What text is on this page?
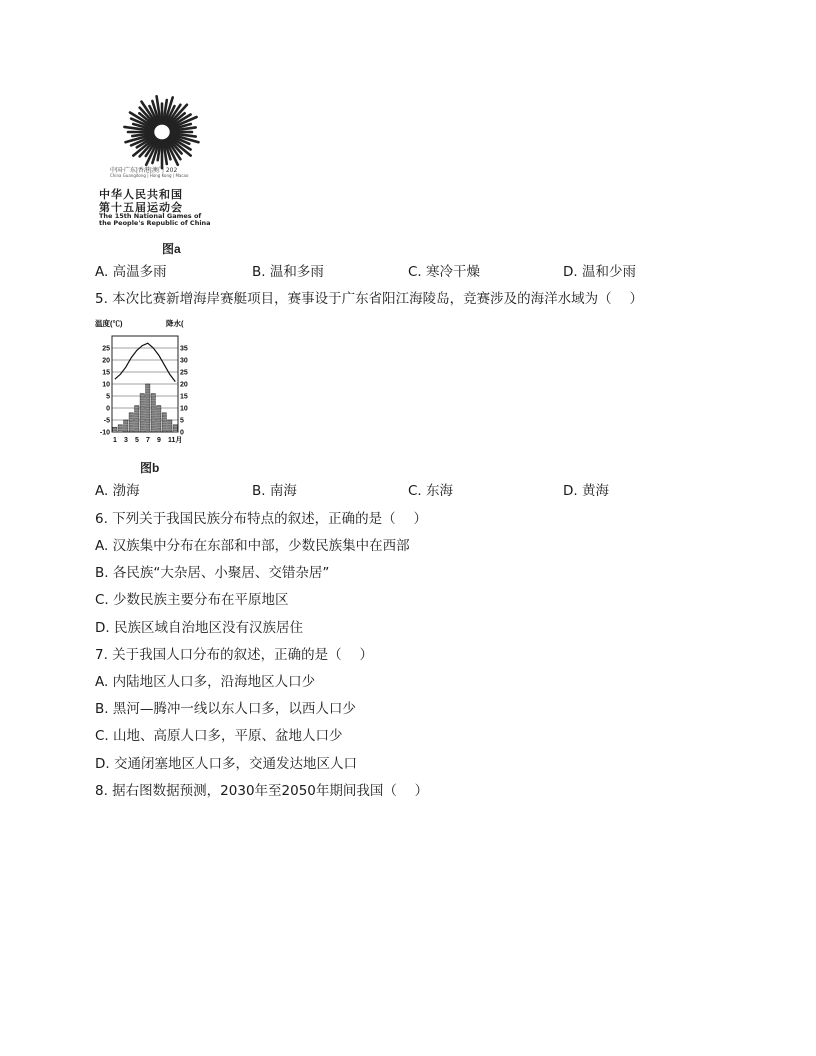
中国·广东|香港|澳门 202
China Guangdong | Hong Kong | Macao
中华人民共和国
第十五届运动会
The 15th National Games of
the People's Republic of China
图a
A. 高温多雨	B. 温和多雨	C. 寒冷干燥	D. 温和少雨
5. 本次比赛新增海岸赛艇项目，赛事设于广东省阳江海陵岛，竞赛涉及的海洋水域为（　 ）
温度(℃)	降水(
25
20
15
10
5
0
-5
-10
35
30
25
20
15
10
5
0
1 3 5 7 9 11月
图b
A. 渤海	B. 南海	C. 东海	D. 黄海
6. 下列关于我国民族分布特点的叙述，正确的是（　 ）
A. 汉族集中分布在东部和中部，少数民族集中在西部
B. 各民族“大杂居、小聚居、交错杂居”
C. 少数民族主要分布在平原地区
D. 民族区域自治地区没有汉族居住
7. 关于我国人口分布的叙述，正确的是（　 ）
A. 内陆地区人口多，沿海地区人口少
B. 黑河—腾冲一线以东人口多，以西人口少
C. 山地、高原人口多，平原、盆地人口少
D. 交通闭塞地区人口多，交通发达地区人口
8. 据右图数据预测，2030年至2050年期间我国（　 ）
